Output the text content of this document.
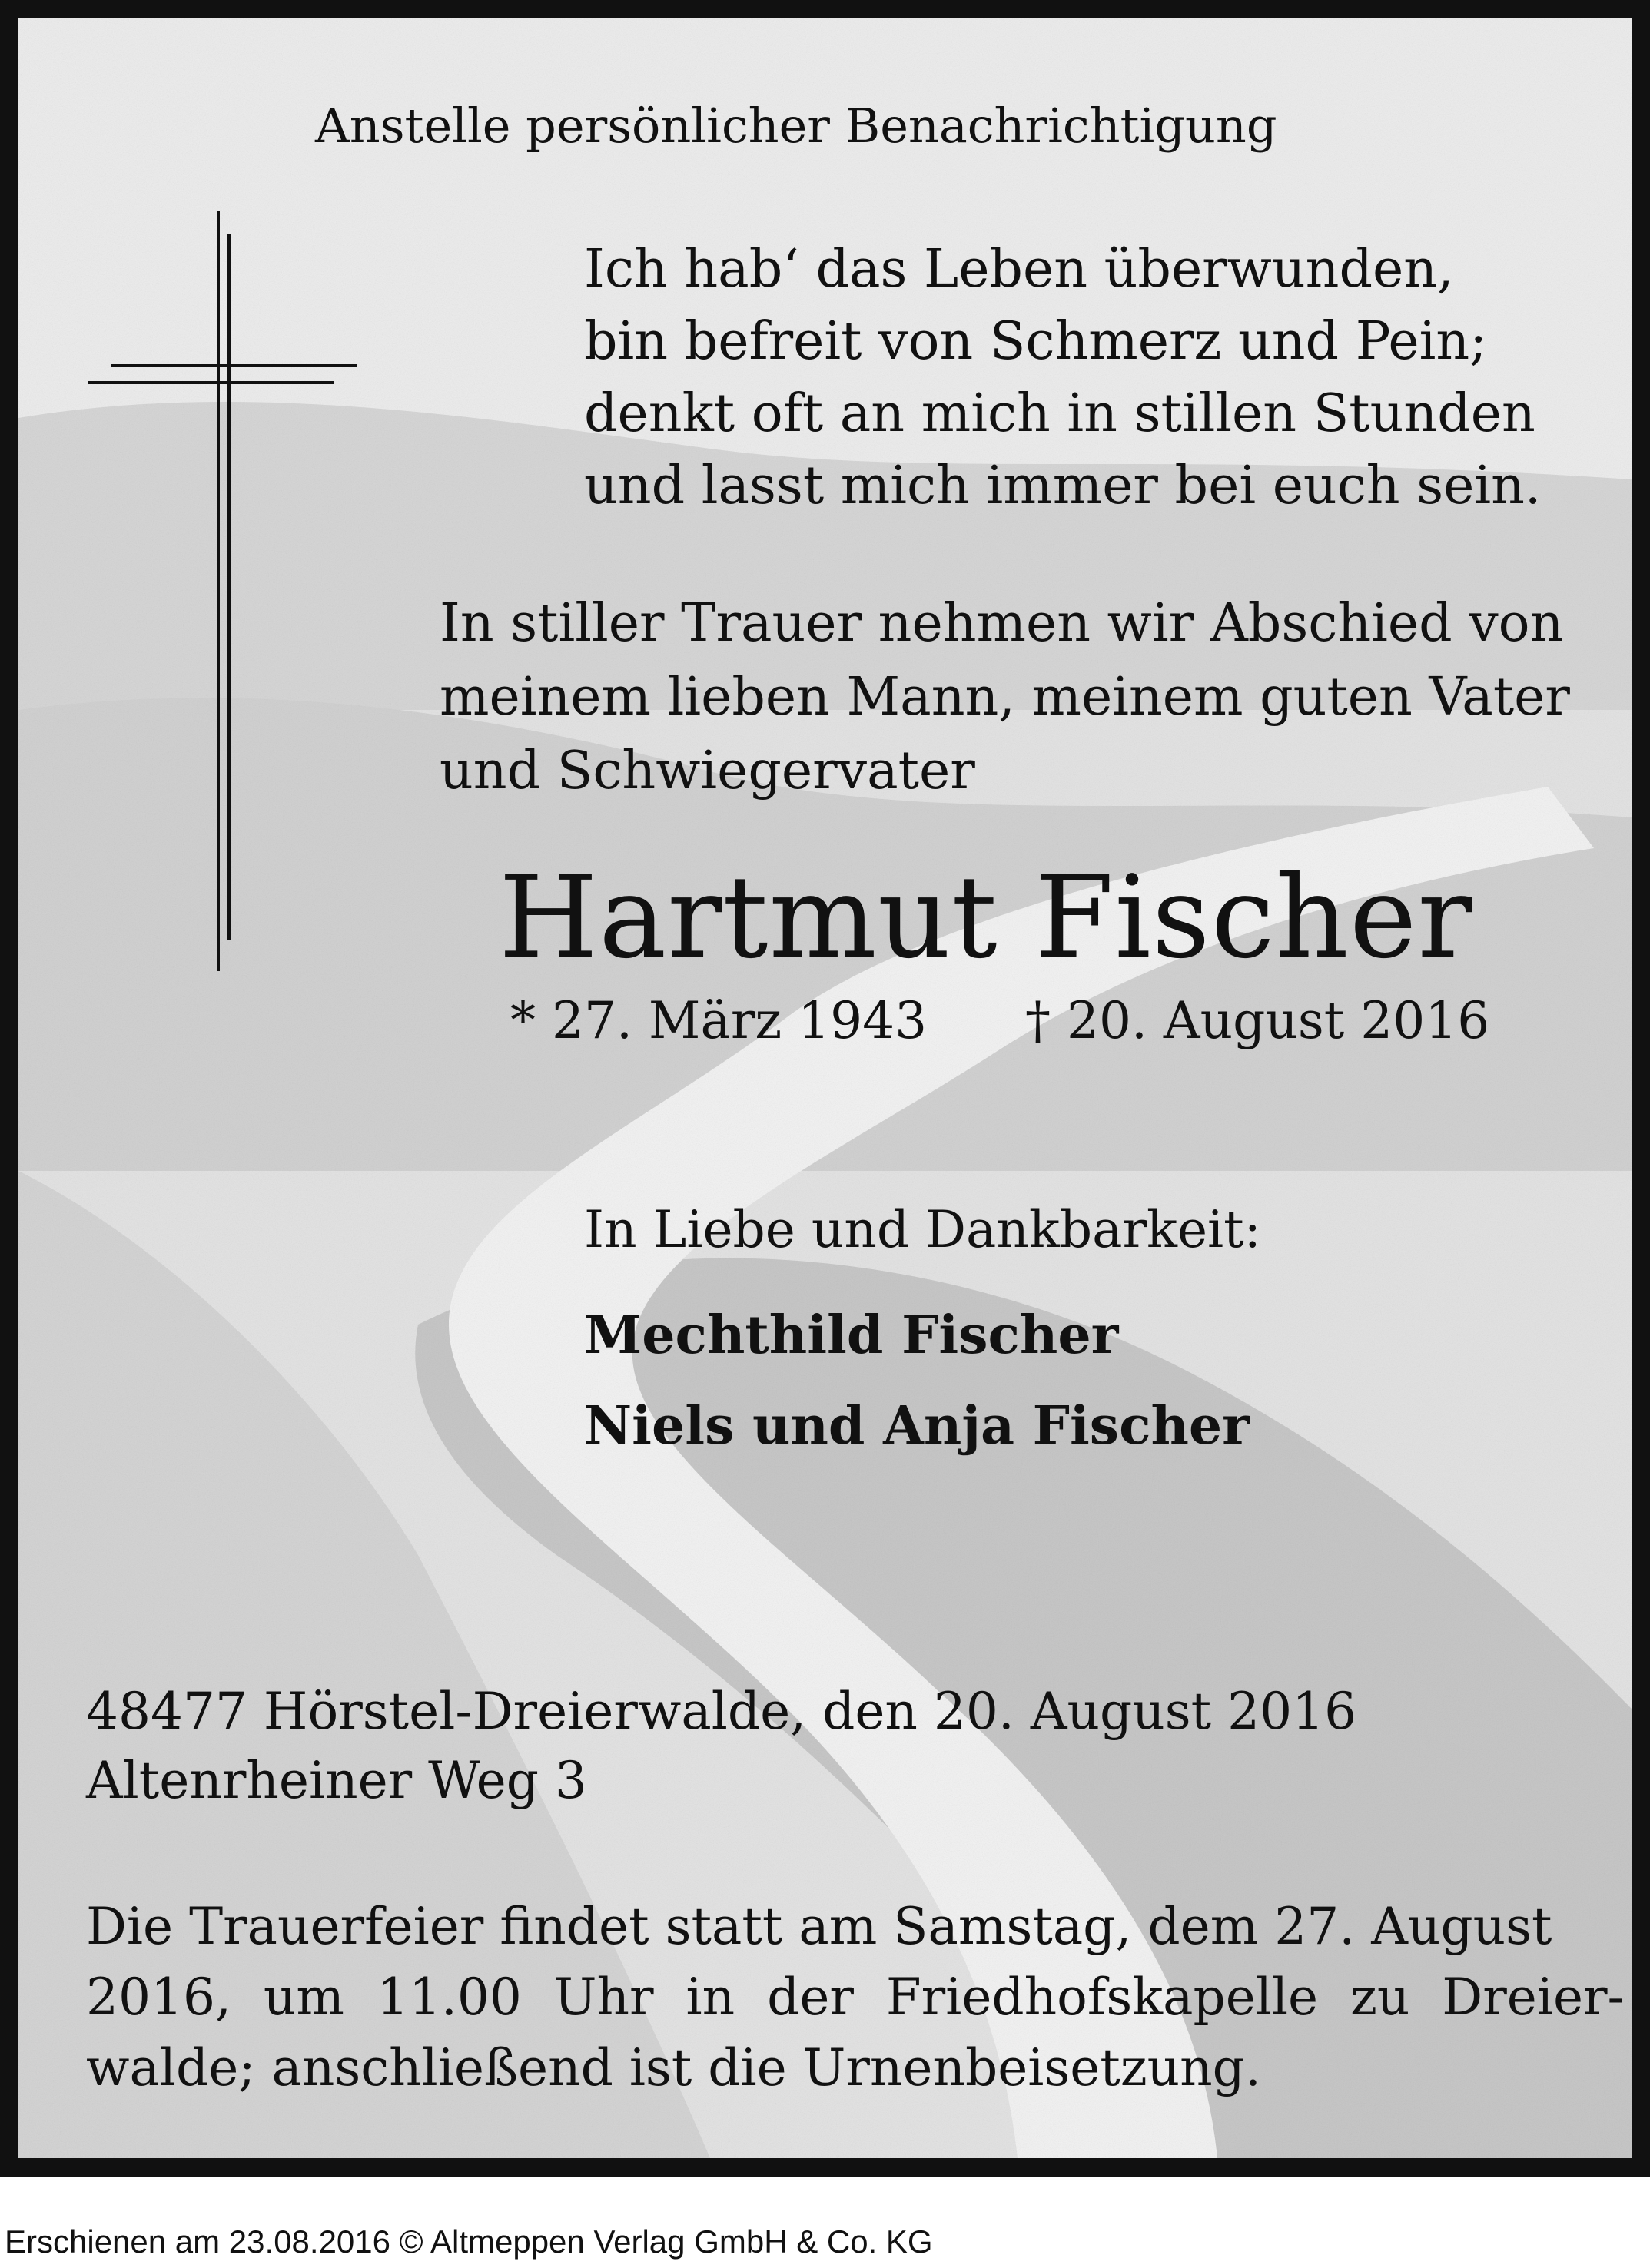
Anstelle persönlicher Benachrichtigung
Ich hab‘ das Leben überwunden,
bin befreit von Schmerz und Pein;
denkt oft an mich in stillen Stunden
und lasst mich immer bei euch sein.
In stiller Trauer nehmen wir Abschied von
meinem lieben Mann, meinem guten Vater
und Schwiegervater
Hartmut Fischer
* 27. März 1943 † 20. August 2016
In Liebe und Dankbarkeit:
Mechthild Fischer
Niels und Anja Fischer
48477 Hörstel-Dreierwalde, den 20. August 2016
Altenrheiner Weg 3
Die Trauerfeier findet statt am Samstag, dem 27. August
2016,  um  11.00  Uhr  in  der  Friedhofskapelle  zu  Dreier-
walde; anschließend ist die Urnenbeisetzung.
Erschienen am 23.08.2016 © Altmeppen Verlag GmbH & Co. KG
